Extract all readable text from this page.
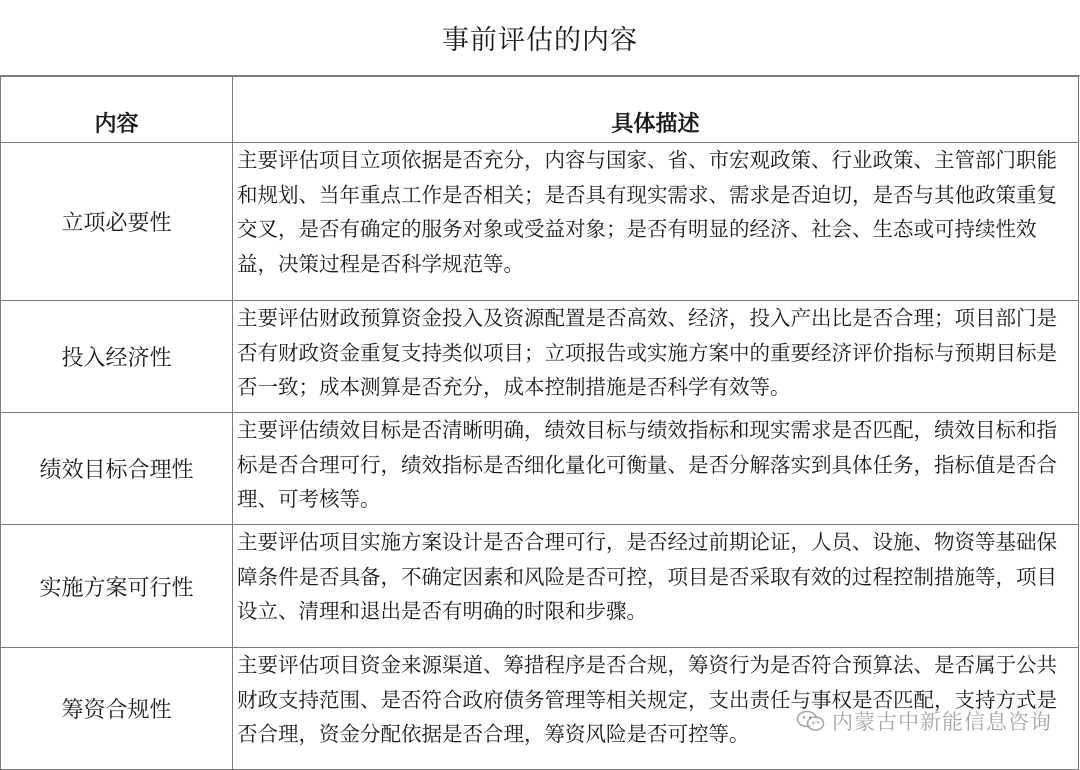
事前评估的内容
内容	具体描述
立项必要性	主要评估项目立项依据是否充分，内容与国家、省、市宏观政策、行业政策、主管部门职能和规划、当年重点工作是否相关；是否具有现实需求、需求是否迫切，是否与其他政策重复交叉，是否有确定的服务对象或受益对象；是否有明显的经济、社会、生态或可持续性效益，决策过程是否科学规范等。
投入经济性	主要评估财政预算资金投入及资源配置是否高效、经济，投入产出比是否合理；项目部门是否有财政资金重复支持类似项目；立项报告或实施方案中的重要经济评价指标与预期目标是否一致；成本测算是否充分，成本控制措施是否科学有效等。
绩效目标合理性	主要评估绩效目标是否清晰明确，绩效目标与绩效指标和现实需求是否匹配，绩效目标和指标是否合理可行，绩效指标是否细化量化可衡量、是否分解落实到具体任务，指标值是否合理、可考核等。
实施方案可行性	主要评估项目实施方案设计是否合理可行，是否经过前期论证，人员、设施、物资等基础保障条件是否具备，不确定因素和风险是否可控，项目是否采取有效的过程控制措施等，项目设立、清理和退出是否有明确的时限和步骤。
筹资合规性	主要评估项目资金来源渠道、筹措程序是否合规，筹资行为是否符合预算法、是否属于公共财政支持范围、是否符合政府债务管理等相关规定，支出责任与事权是否匹配，支持方式是否合理，资金分配依据是否合理，筹资风险是否可控等。	内蒙古中新能信息咨询
